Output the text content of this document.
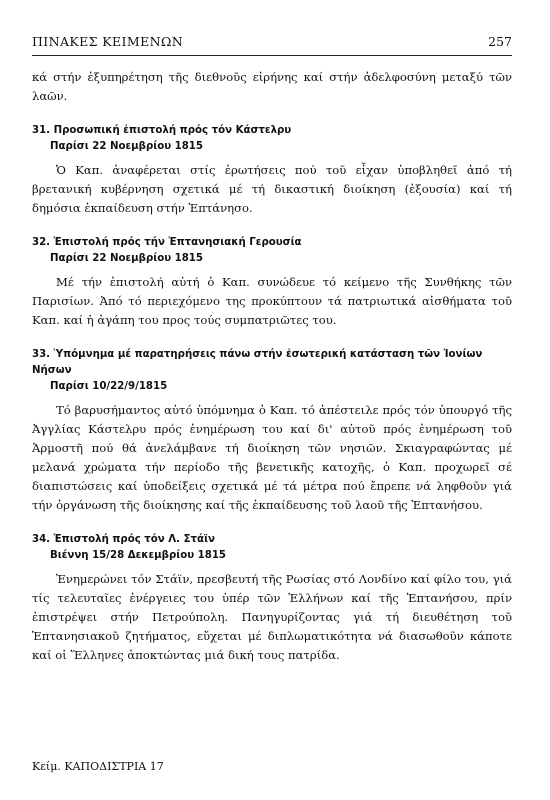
ΠΙΝΑΚΕΣ ΚΕΙΜΕΝΩΝ	257

κά στήν ἐξυπηρέτηση τῆς διεθνοῦς εἰρήνης καί στήν ἀδελφοσύνη μεταξύ τῶν λαῶν.

31. Προσωπική ἐπιστολή πρός τόν Κάστελρυ

Παρίσι 22 Νοεμβρίου 1815

Ὁ Καπ. ἀναφέρεται στίς ἐρωτήσεις πού τοῦ εἶχαν ὑποβληθεῖ ἀπό τή βρετανική κυβέρνηση σχετικά μέ τή δικαστική διοίκηση (ἐξουσία) καί τή δημόσια ἐκπαίδευση στήν Ἑπτάνησο.

32. Ἐπιστολή πρός τήν Ἐπτανησιακή Γερουσία

Παρίσι 22 Νοεμβρίου 1815

Μέ τήν ἐπιστολή αὐτή ὁ Καπ. συνώδευε τό κείμενο τῆς Συνθήκης τῶν Παρισίων. Ἀπό τό περιεχόμενο της προκύπτουν τά πατριωτικά αἰσθήματα τοῦ Καπ. καί ἡ ἀγάπη του προς τούς συμπατριῶτες του.

33. Ὑπόμνημα μέ παρατηρήσεις πάνω στήν ἐσωτερική κατάσταση τῶν Ἰονίων Νήσων

Παρίσι 10/22/9/1815

Τό βαρυσήμαντος αὐτό ὑπόμνημα ὁ Καπ. τό ἀπέστειλε πρός τόν ὑπουργό τῆς Ἀγγλίας Κάστελρυ πρός ἐνημέρωση του καί δι' αὐτοῦ πρός ἐνημέρωση τοῦ Ἁρμοστῆ πού θά ἀνελάμβανε τή διοίκηση τῶν νησιῶν. Σκιαγραφώντας μέ μελανά χρώματα τήν περίοδο τῆς βενετικῆς κατοχῆς, ὁ Καπ. προχωρεῖ σέ διαπιστώσεις καί ὑποδείξεις σχετικά μέ τά μέτρα πού ἔπρεπε νά ληφθοῦν γιά τήν ὀργάνωση τῆς διοίκησης καί τῆς ἐκπαίδευσης τοῦ λαοῦ τῆς Ἑπτανήσου.

34. Ἐπιστολή πρός τόν Λ. Στάϊν

Βιέννη 15/28 Δεκεμβρίου 1815

Ἐνημερώνει τόν Στάϊν, πρεσβευτή τῆς Ρωσίας στό Λονδίνο καί φίλο του, γιά τίς τελευταῖες ἐνέργειες του ὑπέρ τῶν Ἑλλήνων καί τῆς Ἑπτανήσου, πρίν ἐπιστρέψει στήν Πετρούπολη. Πανηγυρίζοντας γιά τή διευθέτηση τοῦ Ἑπτανησιακοῦ ζητήματος, εὔχεται μέ διπλωματικότητα νά διασωθοῦν κάποτε καί οἱ Ἕλληνες ἀποκτώντας μιά δική τους πατρίδα.

Κείμ. ΚΑΠΟΔΙΣΤΡΙΑ 17
